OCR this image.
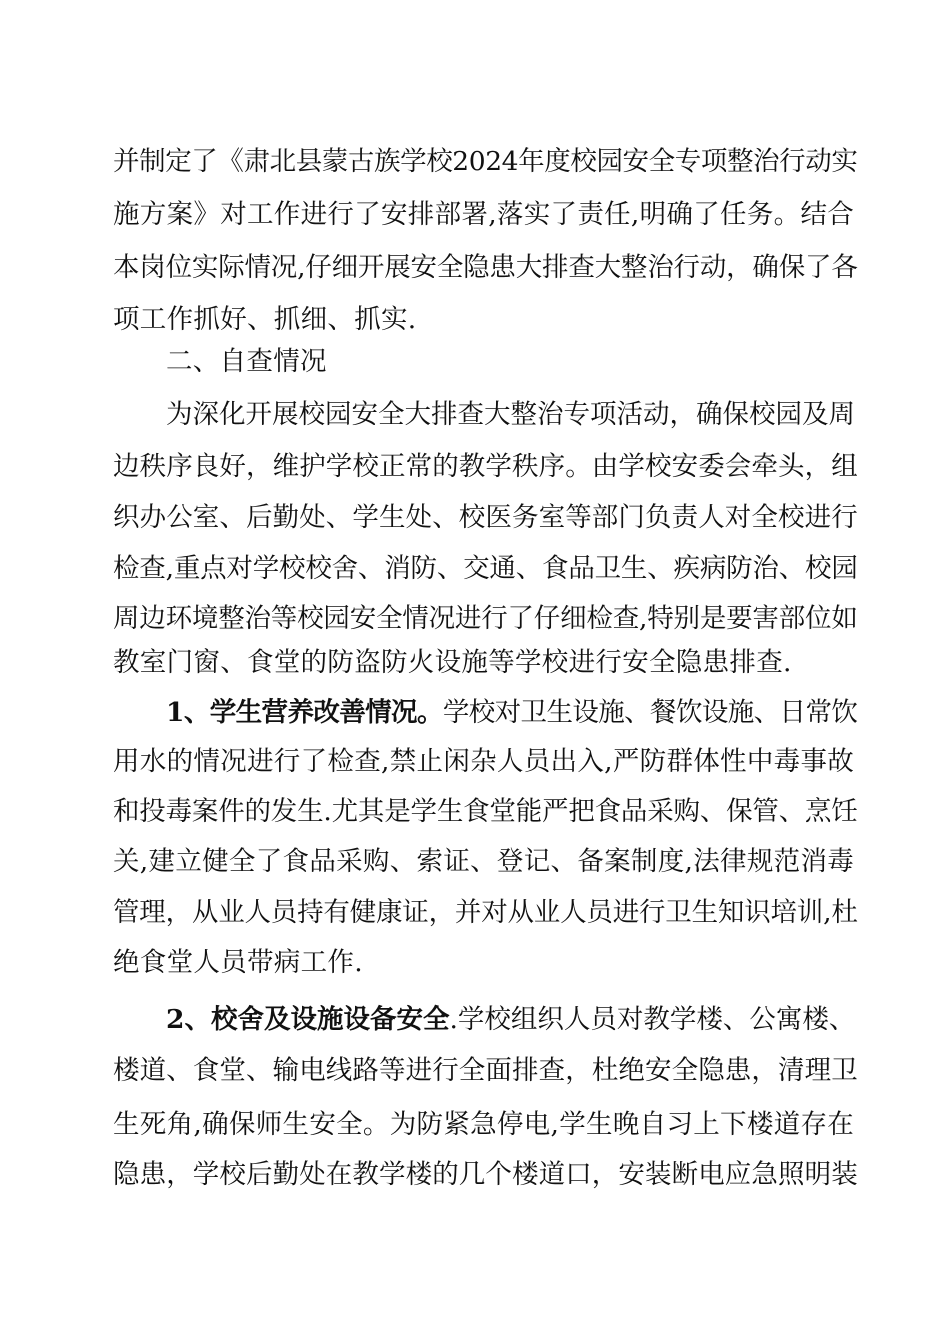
并制定了《肃北县蒙古族学校2024年度校园安全专项整治行动实

施方案》对工作进行了安排部署,落实了责任,明确了任务。结合

本岗位实际情况,仔细开展安全隐患大排查大整治行动，确保了各

项工作抓好、抓细、抓实.

二、自查情况

为深化开展校园安全大排查大整治专项活动，确保校园及周

边秩序良好，维护学校正常的教学秩序。由学校安委会牵头，组

织办公室、后勤处、学生处、校医务室等部门负责人对全校进行

检查,重点对学校校舍、消防、交通、食品卫生、疾病防治、校园

周边环境整治等校园安全情况进行了仔细检查,特别是要害部位如

教室门窗、食堂的防盗防火设施等学校进行安全隐患排查.

1、学生营养改善情况。学校对卫生设施、餐饮设施、日常饮

用水的情况进行了检查,禁止闲杂人员出入,严防群体性中毒事故

和投毒案件的发生.尤其是学生食堂能严把食品采购、保管、烹饪

关,建立健全了食品采购、索证、登记、备案制度,法律规范消毒

管理，从业人员持有健康证，并对从业人员进行卫生知识培训,杜

绝食堂人员带病工作.

2、校舍及设施设备安全.学校组织人员对教学楼、公寓楼、

楼道、食堂、输电线路等进行全面排查，杜绝安全隐患，清理卫

生死角,确保师生安全。为防紧急停电,学生晚自习上下楼道存在

隐患，学校后勤处在教学楼的几个楼道口，安装断电应急照明装
